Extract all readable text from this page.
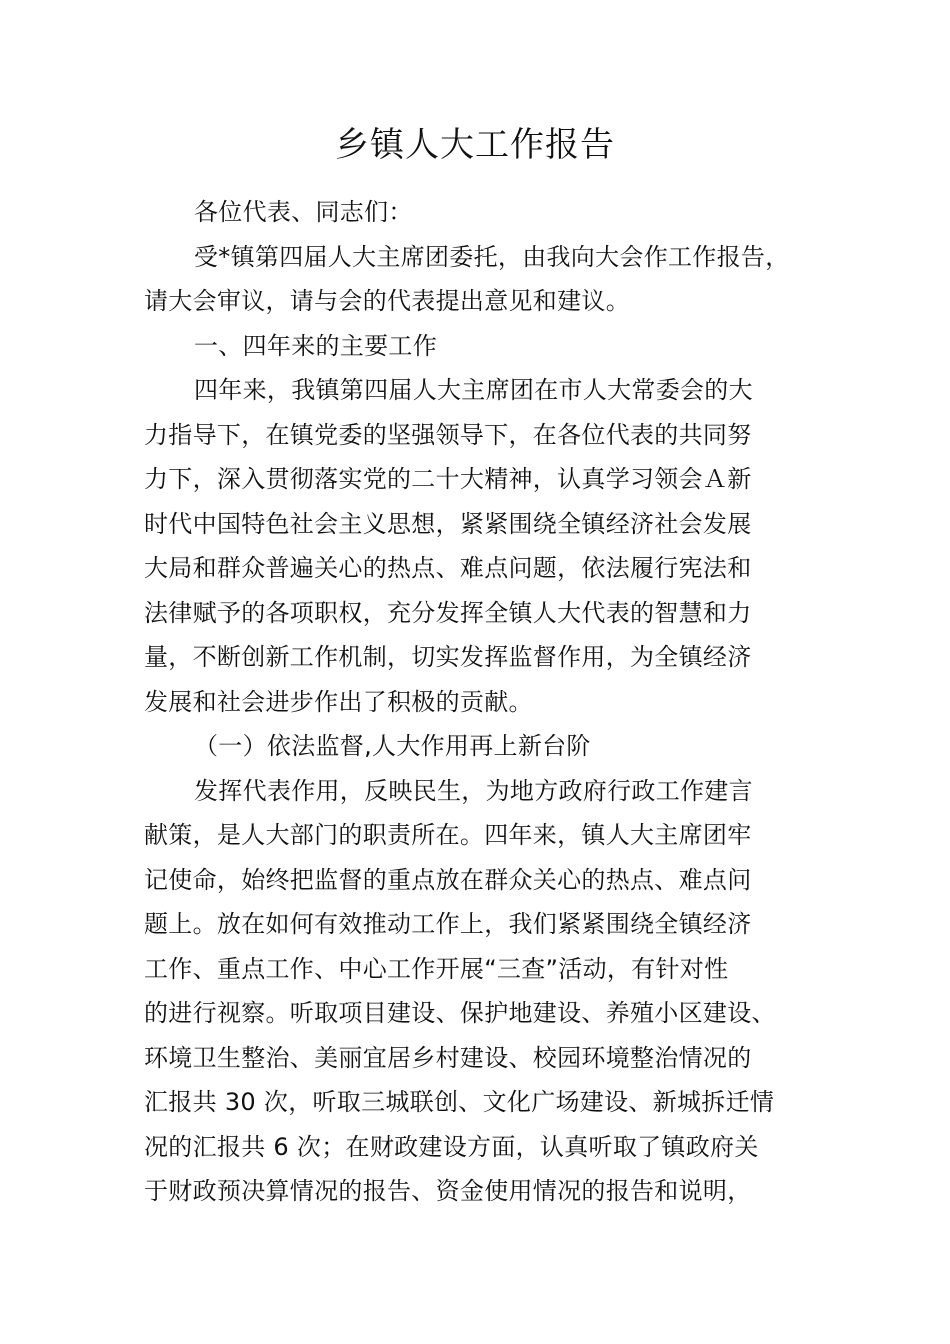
乡镇人大工作报告
各位代表、同志们：
受*镇第四届人大主席团委托，由我向大会作工作报告，
请大会审议，请与会的代表提出意见和建议。
一、四年来的主要工作
四年来，我镇第四届人大主席团在市人大常委会的大
力指导下，在镇党委的坚强领导下，在各位代表的共同努
力下，深入贯彻落实党的二十大精神，认真学习领会Ａ新
时代中国特色社会主义思想，紧紧围绕全镇经济社会发展
大局和群众普遍关心的热点、难点问题，依法履行宪法和
法律赋予的各项职权，充分发挥全镇人大代表的智慧和力
量，不断创新工作机制，切实发挥监督作用，为全镇经济
发展和社会进步作出了积极的贡献。
（一）依法监督,人大作用再上新台阶
发挥代表作用，反映民生，为地方政府行政工作建言
献策，是人大部门的职责所在。四年来，镇人大主席团牢
记使命，始终把监督的重点放在群众关心的热点、难点问
题上。放在如何有效推动工作上，我们紧紧围绕全镇经济
工作、重点工作、中心工作开展“三查”活动，有针对性
的进行视察。听取项目建设、保护地建设、养殖小区建设、
环境卫生整治、美丽宜居乡村建设、校园环境整治情况的
汇报共 30 次，听取三城联创、文化广场建设、新城拆迁情
况的汇报共 6 次；在财政建设方面，认真听取了镇政府关
于财政预决算情况的报告、资金使用情况的报告和说明，
